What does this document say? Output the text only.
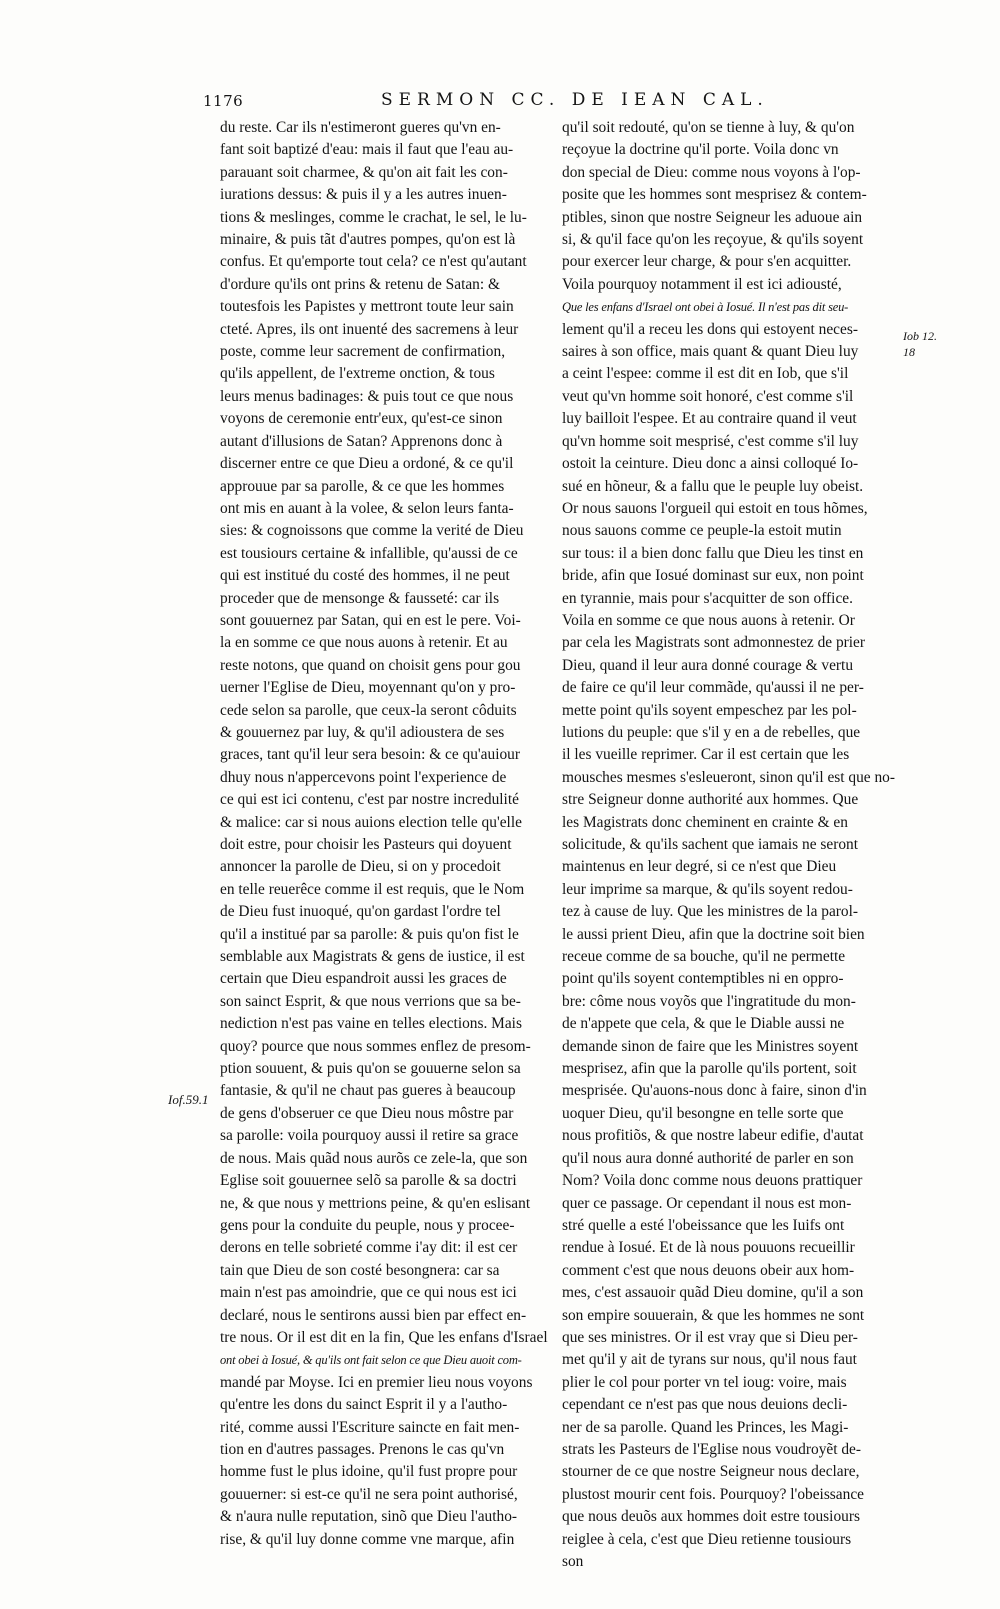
1176	SERMON CC. DE IEAN CAL.
du reste. Car ils n'estimeront gueres qu'vn en-
fant soit baptizé d'eau: mais il faut que l'eau au-
parauant soit charmee, & qu'on ait fait les con-
iurations dessus: & puis il y a les autres inuen-
tions & meslinges, comme le crachat, le sel, le lu-
minaire, & puis tãt d'autres pompes, qu'on est là
confus. Et qu'emporte tout cela? ce n'est qu'autant
d'ordure qu'ils ont prins & retenu de Satan: &
toutesfois les Papistes y mettront toute leur sain
cteté. Apres, ils ont inuenté des sacremens à leur
poste, comme leur sacrement de confirmation,
qu'ils appellent, de l'extreme onction, & tous
leurs menus badinages: & puis tout ce que nous
voyons de ceremonie entr'eux, qu'est-ce sinon
autant d'illusions de Satan? Apprenons donc à
discerner entre ce que Dieu a ordoné, & ce qu'il
approuue par sa parolle, & ce que les hommes
ont mis en auant à la volee, & selon leurs fanta-
sies: & cognoissons que comme la verité de Dieu
est tousiours certaine & infallible, qu'aussi de ce
qui est institué du costé des hommes, il ne peut
proceder que de mensonge & fausseté: car ils
sont gouuernez par Satan, qui en est le pere. Voi-
la en somme ce que nous auons à retenir. Et au
reste notons, que quand on choisit gens pour gou
uerner l'Eglise de Dieu, moyennant qu'on y pro-
cede selon sa parolle, que ceux-la seront côduits
& gouuernez par luy, & qu'il adioustera de ses
graces, tant qu'il leur sera besoin: & ce qu'auiour
dhuy nous n'appercevons point l'experience de
ce qui est ici contenu, c'est par nostre incredulité
& malice: car si nous auions election telle qu'elle
doit estre, pour choisir les Pasteurs qui doyuent
annoncer la parolle de Dieu, si on y procedoit
en telle reuerêce comme il est requis, que le Nom
de Dieu fust inuoqué, qu'on gardast l'ordre tel
qu'il a institué par sa parolle: & puis qu'on fist le
semblable aux Magistrats & gens de iustice, il est
certain que Dieu espandroit aussi les graces de
son sainct Esprit, & que nous verrions que sa be-
nediction n'est pas vaine en telles elections. Mais
quoy? pource que nous sommes enflez de presom-
ption souuent, & puis qu'on se gouuerne selon sa
fantasie, & qu'il ne chaut pas gueres à beaucoup
de gens d'obseruer ce que Dieu nous môstre par
sa parolle: voila pourquoy aussi il retire sa grace
de nous. Mais quãd nous aurõs ce zele-la, que son
Eglise soit gouuernee selõ sa parolle & sa doctri
ne, & que nous y mettrions peine, & qu'en eslisant
gens pour la conduite du peuple, nous y procee-
derons en telle sobrieté comme i'ay dit: il est cer
tain que Dieu de son costé besongnera: car sa
main n'est pas amoindrie, que ce qui nous est ici
declaré, nous le sentirons aussi bien par effect en-
tre nous. Or il est dit en la fin, Que les enfans d'Israel
ont obei à Iosué, & qu'ils ont fait selon ce que Dieu auoit com-
mandé par Moyse. Ici en premier lieu nous voyons
qu'entre les dons du sainct Esprit il y a l'autho-
rité, comme aussi l'Escriture saincte en fait men-
tion en d'autres passages. Prenons le cas qu'vn
homme fust le plus idoine, qu'il fust propre pour
gouuerner: si est-ce qu'il ne sera point authorisé,
& n'aura nulle reputation, sinõ que Dieu l'autho-
rise, & qu'il luy donne comme vne marque, afin
qu'il soit redouté, qu'on se tienne à luy, & qu'on
reçoyue la doctrine qu'il porte. Voila donc vn
don special de Dieu: comme nous voyons à l'op-
posite que les hommes sont mesprisez & contem-
ptibles, sinon que nostre Seigneur les aduoue ain
si, & qu'il face qu'on les reçoyue, & qu'ils soyent
pour exercer leur charge, & pour s'en acquitter.
Voila pourquoy notamment il est ici adiousté,
Que les enfans d'Israel ont obei à Iosué. Il n'est pas dit seu-
lement qu'il a receu les dons qui estoyent neces-
saires à son office, mais quant & quant Dieu luy
a ceint l'espee: comme il est dit en Iob, que s'il
veut qu'vn homme soit honoré, c'est comme s'il
luy bailloit l'espee. Et au contraire quand il veut
qu'vn homme soit mesprisé, c'est comme s'il luy
ostoit la ceinture. Dieu donc a ainsi colloqué Io-
sué en hõneur, & a fallu que le peuple luy obeist.
Or nous sauons l'orgueil qui estoit en tous hõmes,
nous sauons comme ce peuple-la estoit mutin
sur tous: il a bien donc fallu que Dieu les tinst en
bride, afin que Iosué dominast sur eux, non point
en tyrannie, mais pour s'acquitter de son office.
Voila en somme ce que nous auons à retenir. Or
par cela les Magistrats sont admonnestez de prier
Dieu, quand il leur aura donné courage & vertu
de faire ce qu'il leur commãde, qu'aussi il ne per-
mette point qu'ils soyent empeschez par les pol-
lutions du peuple: que s'il y en a de rebelles, que
il les vueille reprimer. Car il est certain que les
mousches mesmes s'esleueront, sinon qu'il est que no-
stre Seigneur donne authorité aux hommes. Que
les Magistrats donc cheminent en crainte & en
solicitude, & qu'ils sachent que iamais ne seront
maintenus en leur degré, si ce n'est que Dieu
leur imprime sa marque, & qu'ils soyent redou-
tez à cause de luy. Que les ministres de la parol-
le aussi prient Dieu, afin que la doctrine soit bien
receue comme de sa bouche, qu'il ne permette
point qu'ils soyent contemptibles ni en oppro-
bre: côme nous voyõs que l'ingratitude du mon-
de n'appete que cela, & que le Diable aussi ne
demande sinon de faire que les Ministres soyent
mesprisez, afin que la parolle qu'ils portent, soit
mesprisée. Qu'auons-nous donc à faire, sinon d'in
uoquer Dieu, qu'il besongne en telle sorte que
nous profitiõs, & que nostre labeur edifie, d'autat
qu'il nous aura donné authorité de parler en son
Nom? Voila donc comme nous deuons prattiquer
quer ce passage. Or cependant il nous est mon-
stré quelle a esté l'obeissance que les Iuifs ont
rendue à Iosué. Et de là nous pouuons recueillir
comment c'est que nous deuons obeir aux hom-
mes, c'est assauoir quãd Dieu domine, qu'il a son
son empire souuerain, & que les hommes ne sont
que ses ministres. Or il est vray que si Dieu per-
met qu'il y ait de tyrans sur nous, qu'il nous faut
plier le col pour porter vn tel ioug: voire, mais
cependant ce n'est pas que nous deuions decli-
ner de sa parolle. Quand les Princes, les Magi-
strats les Pasteurs de l'Eglise nous voudroyẽt de-
stourner de ce que nostre Seigneur nous declare,
plustost mourir cent fois. Pourquoy? l'obeissance
que nous deuõs aux hommes doit estre tousiours
reiglee à cela, c'est que Dieu retienne tousiours
son
Iof.59.1
Iob 12.
18
